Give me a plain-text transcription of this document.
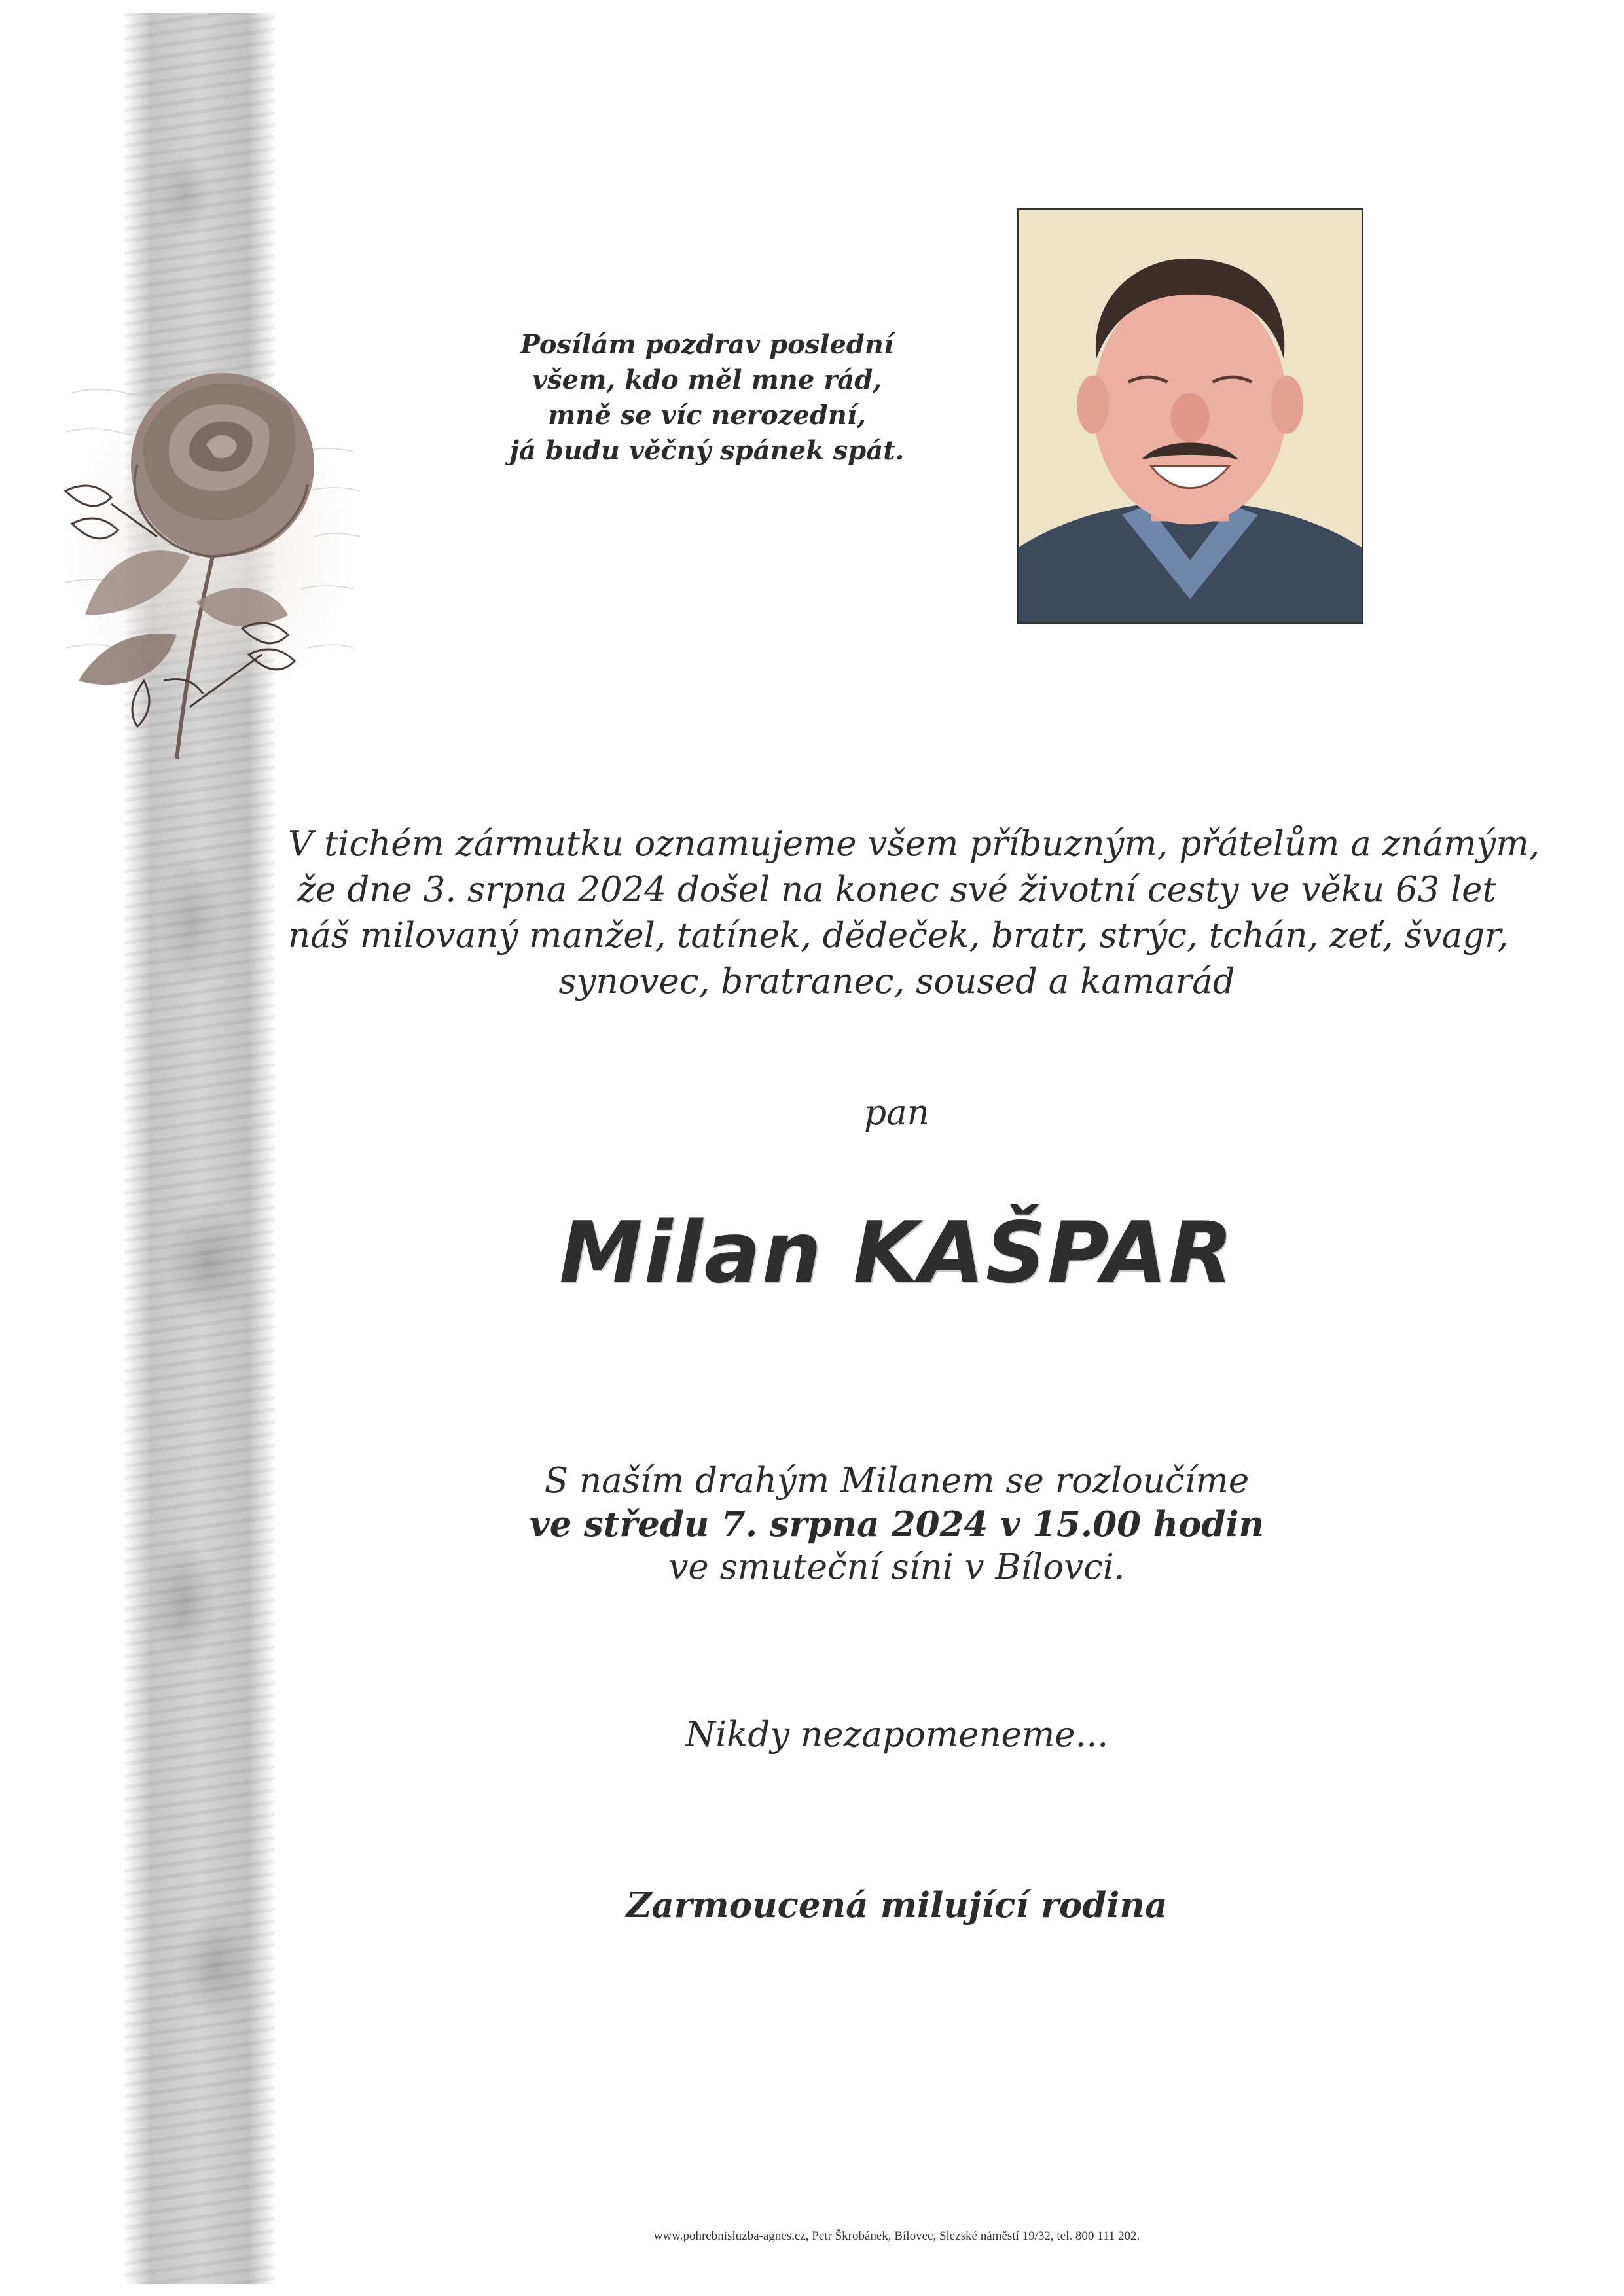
Posílám pozdrav poslední
všem, kdo měl mne rád,
mně se víc nerozední,
já budu věčný spánek spát.
V tichém zármutku oznamujeme všem příbuzným, přátelům a známým,
že dne 3. srpna 2024 došel na konec své životní cesty ve věku 63 let
náš milovaný manžel, tatínek, dědeček, bratr, strýc, tchán, zeť, švagr,
synovec, bratranec, soused a kamarád
pan
Milan KAŠPAR
S naším drahým Milanem se rozloučíme
ve středu 7. srpna 2024 v 15.00 hodin
ve smuteční síni v Bílovci.
Nikdy nezapomeneme...
Zarmoucená milující rodina
www.pohrebnisluzba-agnes.cz, Petr Škrobánek, Bílovec, Slezské náměstí 19/32, tel. 800 111 202.
